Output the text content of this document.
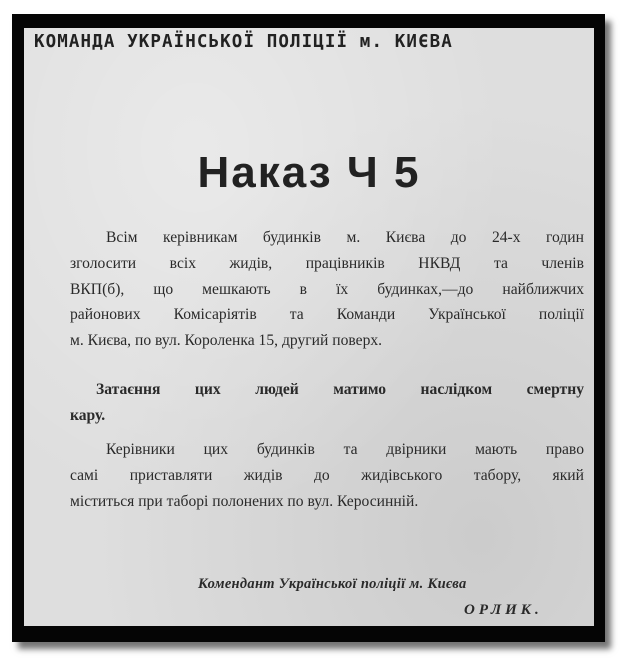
КОМАНДА УКРАЇНСЬКОЇ ПОЛІЦІЇ м. КИЄВА
Наказ Ч 5
Всім керівникам будинків м. Києва до 24-х годин
зголосити всіх жидів, працівників НКВД та членів
ВКП(б), що мешкають в їх будинках,—до найближчих
районових Комісаріятів та Команди Української поліції
м. Києва, по вул. Короленка 15, другий поверх.
Затаєння цих людей матимо наслідком смертну
кару.
Керівники цих будинків та двірники мають право
самі приставляти жидів до жидівського табору, який
міститься при таборі полонених по вул. Керосинній.
Комендант Української поліції м. Києва
ОРЛИК.
